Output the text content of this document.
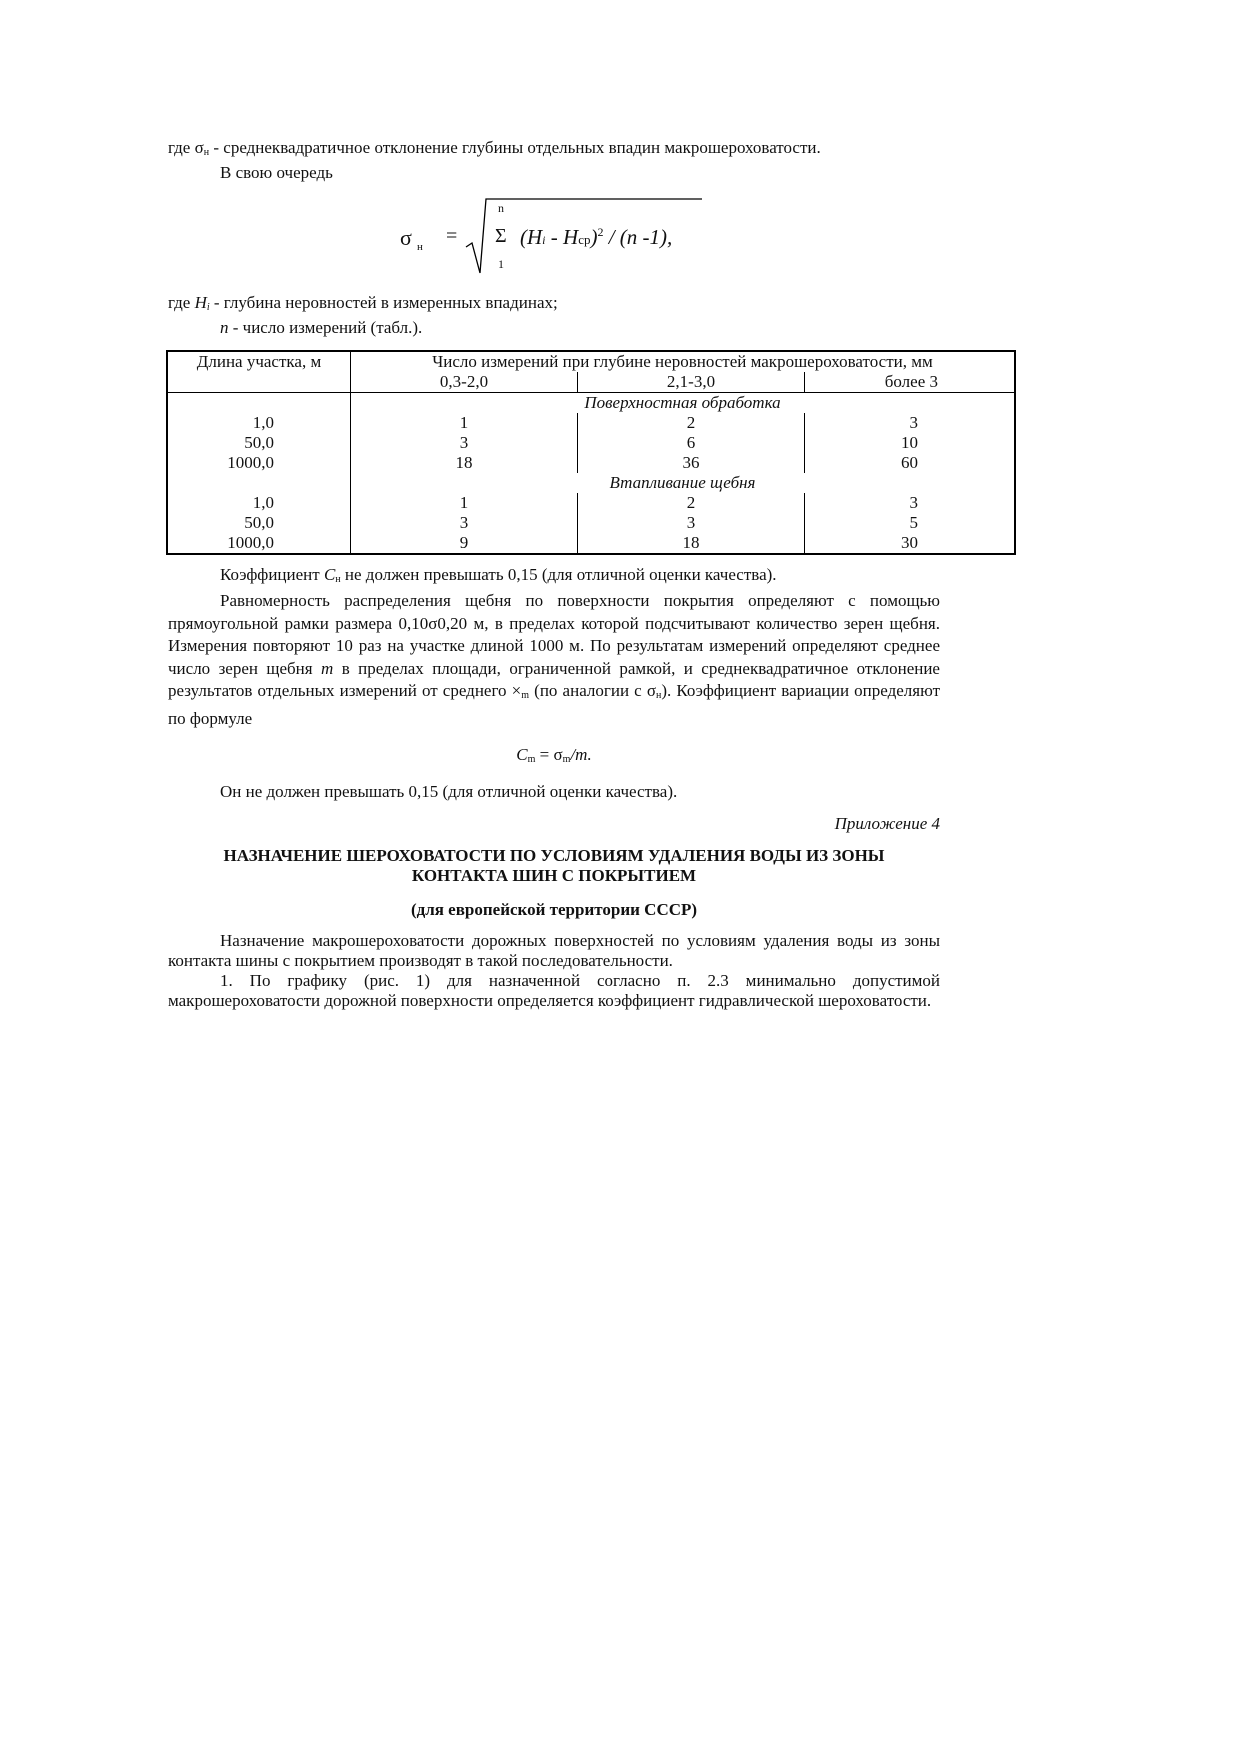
где $\sigma_н$ - среднеквадратичное отклонение глубины отдельных впадин макрошероховатости.
В свою очередь
σ н =
n
Σ
1
(Hi - Hср)$^2$ / (n -1),
где $H_i$ - глубина неровностей в измеренных впадинах;
n - число измерений (табл.).
Длина участка, м	Число измерений при глубине неровностей макрошероховатости, мм		
	0,3-2,0	2,1-3,0	более 3
	Поверхностная обработка		
1,0	1	2	3
50,0	3	6	10
1000,0	18	36	60
	Втапливание щебня		
1,0	1	2	3
50,0	3	3	5
1000,0	9	18	30
Коэффициент $C_н$ не должен превышать 0,15 (для отличной оценки качества).
Равномерность распределения щебня по поверхности покрытия определяют с помощью прямоугольной рамки размера 0,10σ0,20 м, в пределах которой подсчитывают количество зерен щебня. Измерения повторяют 10 раз на участке длиной 1000 м. По результатам измерений определяют среднее число зерен щебня m в пределах площади, ограниченной рамкой, и среднеквадратичное отклонение результатов отдельных измерений от среднего $\times_m$ (по аналогии с $\sigma_н$). Коэффициент вариации определяют по формуле
$C_m = \sigma_m/m$.
Он не должен превышать 0,15 (для отличной оценки качества).
Приложение 4
НАЗНАЧЕНИЕ ШЕРОХОВАТОСТИ ПО УСЛОВИЯМ УДАЛЕНИЯ ВОДЫ ИЗ ЗОНЫ
КОНТАКТА ШИН С ПОКРЫТИЕМ
(для европейской территории СССР)
Назначение макрошероховатости дорожных поверхностей по условиям удаления воды из зоны контакта шины с покрытием производят в такой последовательности.
1. По графику (рис. 1) для назначенной согласно п. 2.3 минимально допустимой макрошероховатости дорожной поверхности определяется коэффициент гидравлической шероховатости.
